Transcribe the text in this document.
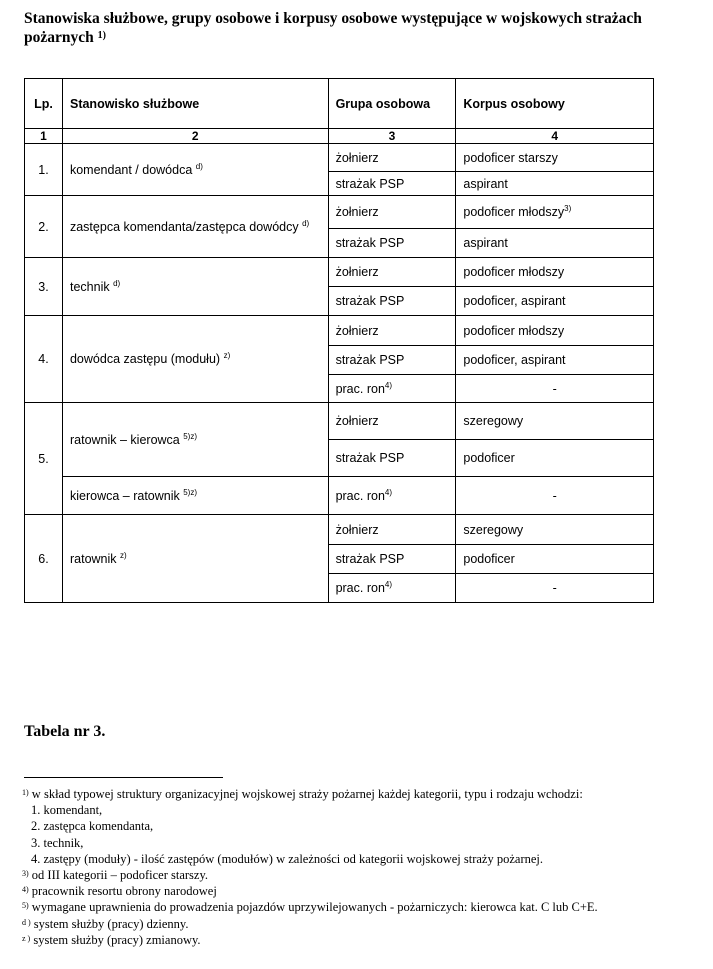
Stanowiska służbowe, grupy osobowe i korpusy osobowe występujące w wojskowych strażach pożarnych $^{1)}$
Lp.	Stanowisko służbowe	Grupa osobowa	Korpus osobowy
1	2	3	4
1.	komendant / dowódca $^{d)}$	żołnierz	podoficer starszy
		strażak PSP	aspirant
2.	zastępca komendanta/zastępca dowódcy $^{d)}$	żołnierz	podoficer młodszy$^{3)}$
		strażak PSP	aspirant
3.	technik $^{d)}$	żołnierz	podoficer młodszy
		strażak PSP	podoficer, aspirant
4.	dowódca zastępu (modułu) $^{z)}$	żołnierz	podoficer młodszy
		strażak PSP	podoficer, aspirant
		prac. ron$^{4)}$	-
5.	ratownik – kierowca $^{5)z)}$	żołnierz	szeregowy
		strażak PSP	podoficer
	kierowca – ratownik $^{5)z)}$	prac. ron$^{4)}$	-
6.	ratownik $^{z)}$	żołnierz	szeregowy
		strażak PSP	podoficer
		prac. ron$^{4)}$	-
Tabela nr 3.
$^{1)}$ w skład typowej struktury organizacyjnej wojskowej straży pożarnej każdej kategorii, typu i rodzaju wchodzi:
1. komendant,
2. zastępca komendanta,
3. technik,
4. zastępy (moduły) - ilość zastępów (modułów) w zależności od kategorii wojskowej straży pożarnej.
$^{3)}$ od III kategorii – podoficer starszy.
$^{4)}$ pracownik resortu obrony narodowej
$^{5)}$ wymagane uprawnienia do prowadzenia pojazdów uprzywilejowanych - pożarniczych: kierowca kat. C lub C+E.
$^{d )}$ system służby (pracy) dzienny.
$^{z )}$ system służby (pracy) zmianowy.
